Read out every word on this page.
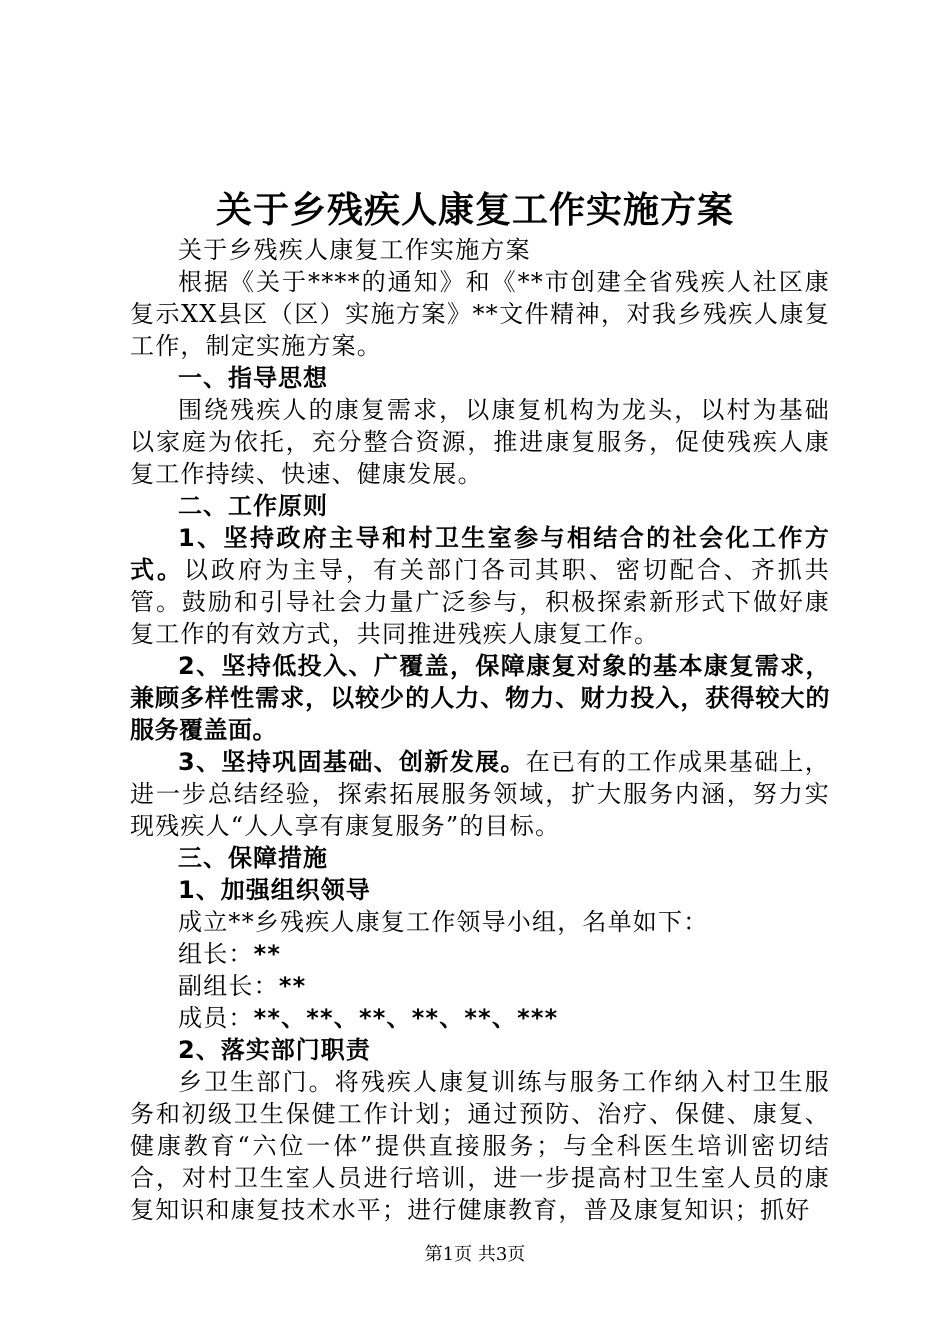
关于乡残疾人康复工作实施方案

关于乡残疾人康复工作实施方案

根据《关于****的通知》和《**市创建全省残疾人社区康复示XX县区（区）实施方案》**文件精神，对我乡残疾人康复工作，制定实施方案。

一、指导思想

围绕残疾人的康复需求，以康复机构为龙头，以村为基础以家庭为依托，充分整合资源，推进康复服务，促使残疾人康复工作持续、快速、健康发展。

二、工作原则

1、坚持政府主导和村卫生室参与相结合的社会化工作方式。以政府为主导，有关部门各司其职、密切配合、齐抓共管。鼓励和引导社会力量广泛参与，积极探索新形式下做好康复工作的有效方式，共同推进残疾人康复工作。

2、坚持低投入、广覆盖，保障康复对象的基本康复需求，兼顾多样性需求，以较少的人力、物力、财力投入，获得较大的服务覆盖面。

3、坚持巩固基础、创新发展。在已有的工作成果基础上，进一步总结经验，探索拓展服务领域，扩大服务内涵，努力实现残疾人“人人享有康复服务”的目标。

三、保障措施

1、加强组织领导

成立**乡残疾人康复工作领导小组，名单如下：

组长：**

副组长：**

成员：**、**、**、**、**、***

2、落实部门职责

乡卫生部门。将残疾人康复训练与服务工作纳入村卫生服务和初级卫生保健工作计划；通过预防、治疗、保健、康复、健康教育“六位一体”提供直接服务；与全科医生培训密切结合，对村卫生室人员进行培训，进一步提高村卫生室人员的康复知识和康复技术水平；进行健康教育，普及康复知识；抓好

第1页 共3页
